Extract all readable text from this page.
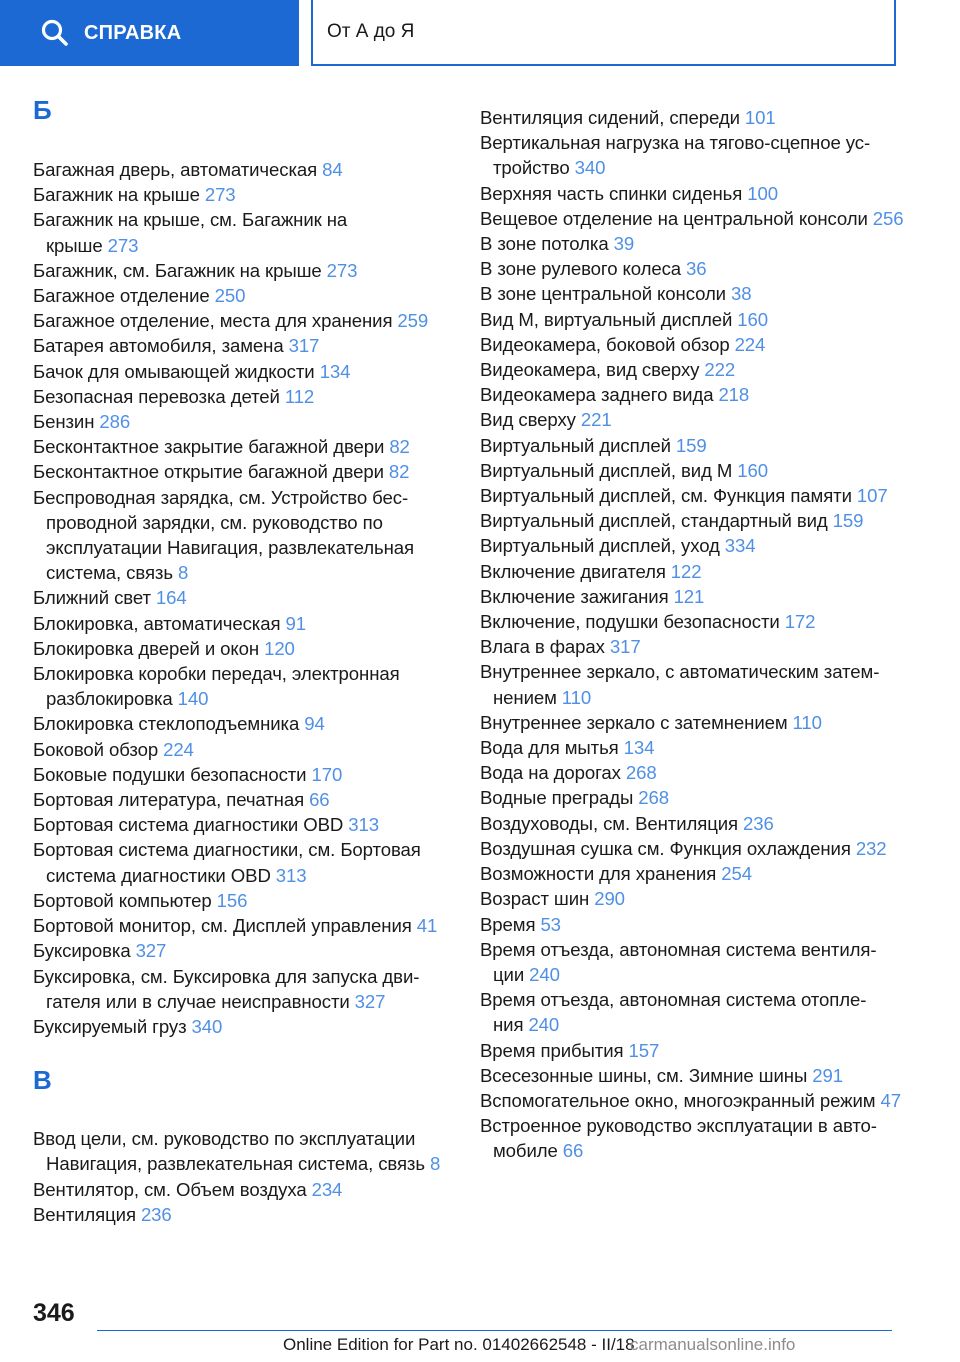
СПРАВКА	От А до Я
Б
Багажная дверь, автоматическая 84
Багажник на крыше 273
Багажник на крыше, см. Багажник на крыше 273
Багажник, см. Багажник на крыше 273
Багажное отделение 250
Багажное отделение, места для хранения 259
Батарея автомобиля, замена 317
Бачок для омывающей жидкости 134
Безопасная перевозка детей 112
Бензин 286
Бесконтактное закрытие багажной двери 82
Бесконтактное открытие багажной двери 82
Беспроводная зарядка, см. Устройство беспроводной зарядки, см. руководство по эксплуатации Навигация, развлекательная система, связь 8
Ближний свет 164
Блокировка, автоматическая 91
Блокировка дверей и окон 120
Блокировка коробки передач, электронная разблокировка 140
Блокировка стеклоподъемника 94
Боковой обзор 224
Боковые подушки безопасности 170
Бортовая литература, печатная 66
Бортовая система диагностики OBD 313
Бортовая система диагностики, см. Бортовая система диагностики OBD 313
Бортовой компьютер 156
Бортовой монитор, см. Дисплей управления 41
Буксировка 327
Буксировка, см. Буксировка для запуска двигателя или в случае неисправности 327
Буксируемый груз 340
В
Ввод цели, см. руководство по эксплуатации Навигация, развлекательная система, связь 8
Вентилятор, см. Объем воздуха 234
Вентиляция 236
Вентиляция сидений, спереди 101
Вертикальная нагрузка на тягово-сцепное устройство 340
Верхняя часть спинки сиденья 100
Вещевое отделение на центральной консоли 256
В зоне потолка 39
В зоне рулевого колеса 36
В зоне центральной консоли 38
Вид M, виртуальный дисплей 160
Видеокамера, боковой обзор 224
Видеокамера, вид сверху 222
Видеокамера заднего вида 218
Вид сверху 221
Виртуальный дисплей 159
Виртуальный дисплей, вид M 160
Виртуальный дисплей, см. Функция памяти 107
Виртуальный дисплей, стандартный вид 159
Виртуальный дисплей, уход 334
Включение двигателя 122
Включение зажигания 121
Включение, подушки безопасности 172
Влага в фарах 317
Внутреннее зеркало, с автоматическим затемнением 110
Внутреннее зеркало с затемнением 110
Вода для мытья 134
Вода на дорогах 268
Водные преграды 268
Воздуховоды, см. Вентиляция 236
Воздушная сушка см. Функция охлаждения 232
Возможности для хранения 254
Возраст шин 290
Время 53
Время отъезда, автономная система вентиляции 240
Время отъезда, автономная система отопления 240
Время прибытия 157
Всесезонные шины, см. Зимние шины 291
Вспомогательное окно, многоэкранный режим 47
Встроенное руководство эксплуатации в автомобиле 66
346
Online Edition for Part no. 01402662548 - II/18
carmanualsonline.info
